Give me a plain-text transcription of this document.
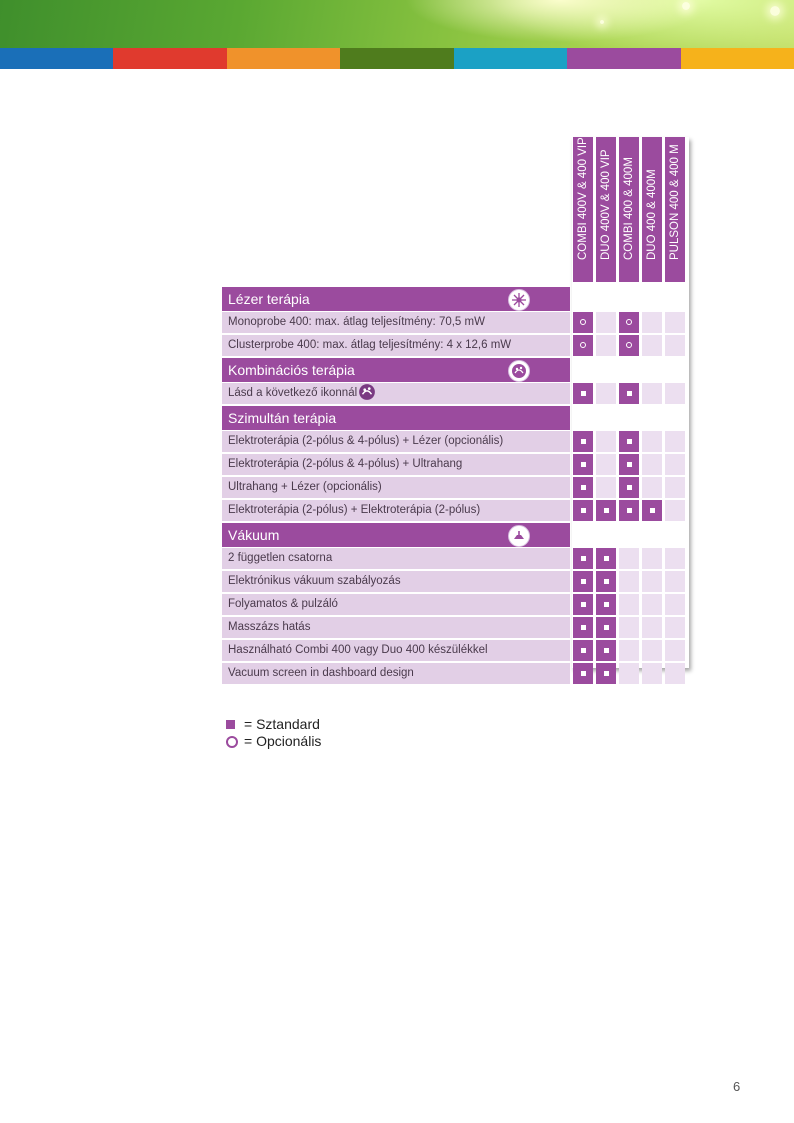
COMBI 400V & 400 VIP DUO 400V & 400 VIP COMBI 400 & 400M DUO 400 & 400M PULSON 400 & 400 M
Lézer terápia
Monoprobe 400: max. átlag teljesítmény: 70,5 mW
Clusterprobe 400: max. átlag teljesítmény: 4 x 12,6 mW
Kombinációs terápia
Lásd a következő ikonnál
Szimultán terápia
Elektroterápia (2-pólus & 4-pólus) + Lézer (opcionális)
Elektroterápia (2-pólus & 4-pólus) + Ultrahang
Ultrahang + Lézer (opcionális)
Elektroterápia (2-pólus) + Elektroterápia (2-pólus)
Vákuum
2 független csatorna
Elektrónikus vákuum szabályozás
Folyamatos & pulzáló
Masszázs hatás
Használható Combi 400 vagy Duo 400 készülékkel
Vacuum screen in dashboard design
= Sztandard
= Opcionális
6
